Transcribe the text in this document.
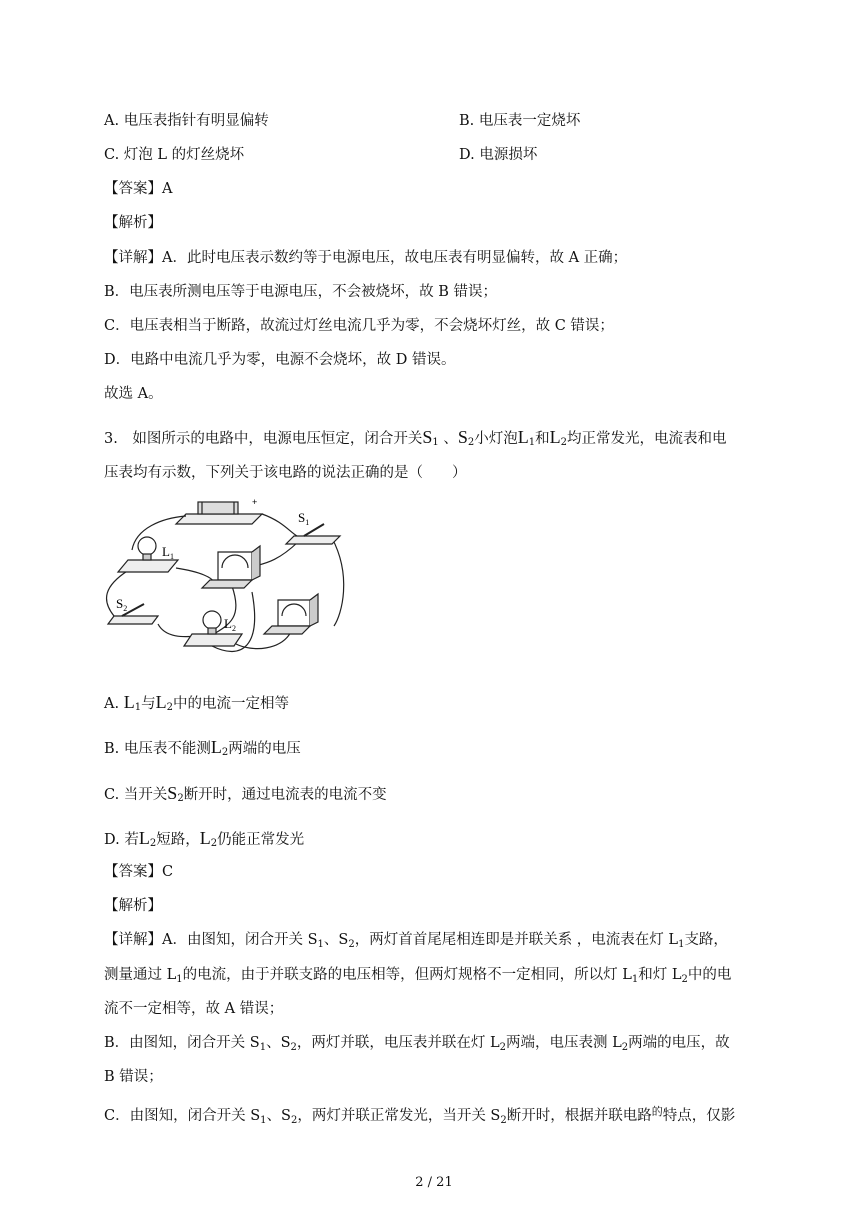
A. 电压表指针有明显偏转	B. 电压表一定烧坏
C. 灯泡 L 的灯丝烧坏	D. 电源损坏
【答案】A
【解析】
【详解】A．此时电压表示数约等于电源电压，故电压表有明显偏转，故 A 正确；
B．电压表所测电压等于电源电压，不会被烧坏，故 B 错误；
C．电压表相当于断路，故流过灯丝电流几乎为零，不会烧坏灯丝，故 C 错误；
D．电路中电流几乎为零，电源不会烧坏，故 D 错误。
故选 A。
3.　如图所示的电路中，电源电压恒定，闭合开关S1 、S2小灯泡L1和L2均正常发光，电流表和电
压表均有示数，下列关于该电路的说法正确的是（　　）
$S_1$
$L_1$
$S_2$
$L_2$
+
A. L1与L2中的电流一定相等
B. 电压表不能测L2两端的电压
C. 当开关S2断开时，通过电流表的电流不变
D. 若L2短路，L2仍能正常发光
【答案】C
【解析】
【详解】A．由图知，闭合开关 $S_1$、$S_2$，两灯首首尾尾相连即是并联关系 ，电流表在灯 $L_1$支路，
测量通过 $L_1$的电流，由于并联支路的电压相等，但两灯规格不一定相同，所以灯 $L_1$和灯 $L_2$中的电
流不一定相等，故 A 错误；
B．由图知，闭合开关 $S_1$、$S_2$，两灯并联，电压表并联在灯 $L_2$两端，电压表测 $L_2$两端的电压，故
B 错误；
C．由图知，闭合开关 $S_1$、$S_2$，两灯并联正常发光，当开关 $S_2$断开时，根据并联电路$^的$特点，仅影
2 / 21
